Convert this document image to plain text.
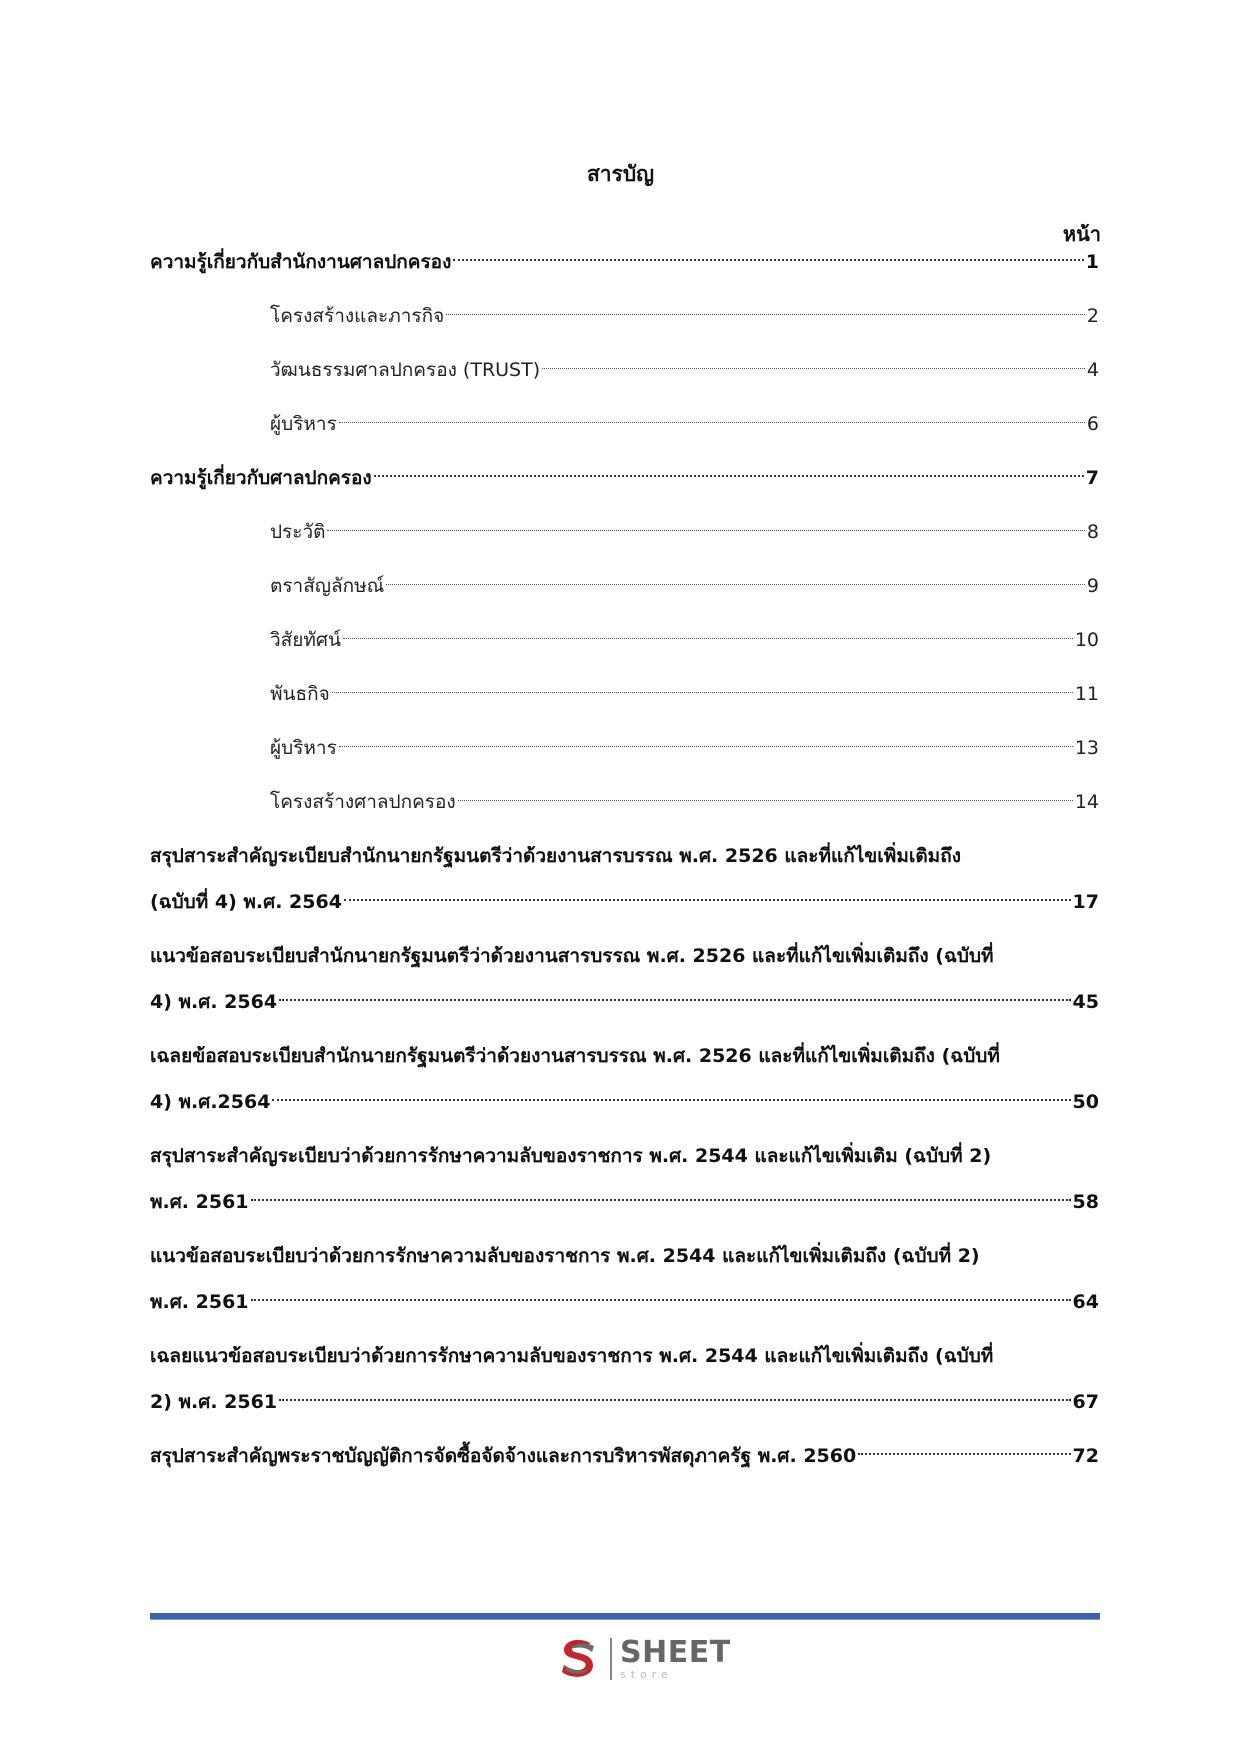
สารบัญ
หน้า
ความรู้เกี่ยวกับสำนักงานศาลปกครอง	1
โครงสร้างและภารกิจ	2
วัฒนธรรมศาลปกครอง (TRUST)	4
ผู้บริหาร	6
ความรู้เกี่ยวกับศาลปกครอง	7
ประวัติ	8
ตราสัญลักษณ์	9
วิสัยทัศน์	10
พันธกิจ	11
ผู้บริหาร	13
โครงสร้างศาลปกครอง	14
สรุปสาระสำคัญระเบียบสำนักนายกรัฐมนตรีว่าด้วยงานสารบรรณ พ.ศ. 2526 และที่แก้ไขเพิ่มเติมถึง
(ฉบับที่ 4) พ.ศ. 2564	17
แนวข้อสอบระเบียบสำนักนายกรัฐมนตรีว่าด้วยงานสารบรรณ พ.ศ. 2526 และที่แก้ไขเพิ่มเติมถึง (ฉบับที่
4) พ.ศ. 2564	45
เฉลยข้อสอบระเบียบสำนักนายกรัฐมนตรีว่าด้วยงานสารบรรณ พ.ศ. 2526 และที่แก้ไขเพิ่มเติมถึง (ฉบับที่
4) พ.ศ.2564	50
สรุปสาระสำคัญระเบียบว่าด้วยการรักษาความลับของราชการ พ.ศ. 2544 และแก้ไขเพิ่มเติม (ฉบับที่ 2)
พ.ศ. 2561	58
แนวข้อสอบระเบียบว่าด้วยการรักษาความลับของราชการ พ.ศ. 2544 และแก้ไขเพิ่มเติมถึง (ฉบับที่ 2)
พ.ศ. 2561	64
เฉลยแนวข้อสอบระเบียบว่าด้วยการรักษาความลับของราชการ พ.ศ. 2544 และแก้ไขเพิ่มเติมถึง (ฉบับที่
2) พ.ศ. 2561	67
สรุปสาระสำคัญพระราชบัญญัติการจัดซื้อจัดจ้างและการบริหารพัสดุภาครัฐ พ.ศ. 2560	72
SHEET
store
